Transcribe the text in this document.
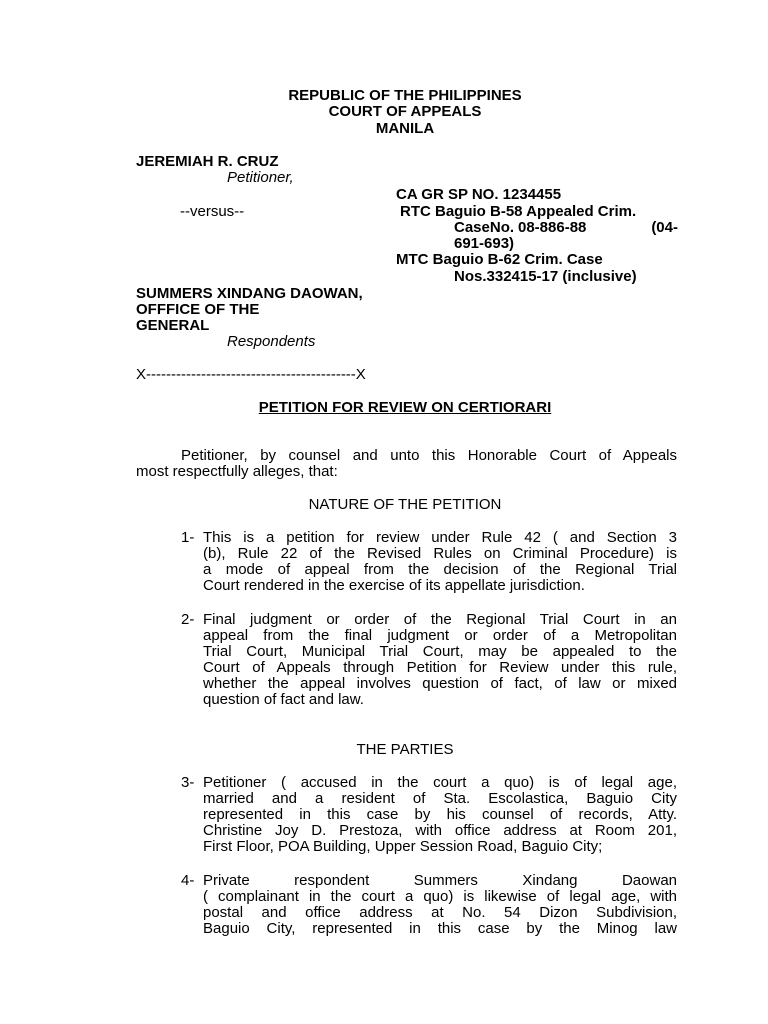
REPUBLIC OF THE PHILIPPINES
COURT OF APPEALS
MANILA
JEREMIAH R. CRUZ
Petitioner,
CA GR SP NO. 1234455
--versus--	RTC Baguio B-58 Appealed Crim.
CaseNo. 08-886-88	(04-
691-693)
MTC Baguio B-62 Crim. Case
Nos.332415-17 (inclusive)
SUMMERS XINDANG DAOWAN,
OFFFICE OF THE
GENERAL
Respondents
X------------------------------------------X
PETITION FOR REVIEW ON CERTIORARI
Petitioner, by counsel and unto this Honorable Court of Appeals
most respectfully alleges, that:
NATURE OF THE PETITION
1- This is a petition for review under Rule 42 ( and Section 3
(b), Rule 22 of the Revised Rules on Criminal Procedure) is
a mode of appeal from the decision of the Regional Trial
Court rendered in the exercise of its appellate jurisdiction.
2- Final judgment or order of the Regional Trial Court in an
appeal from the final judgment or order of a Metropolitan
Trial Court, Municipal Trial Court, may be appealed to the
Court of Appeals through Petition for Review under this rule,
whether the appeal involves question of fact, of law or mixed
question of fact and law.
THE PARTIES
3- Petitioner ( accused in the court a quo) is of legal age,
married and a resident of Sta. Escolastica, Baguio City
represented in this case by his counsel of records, Atty.
Christine Joy D. Prestoza, with office address at Room 201,
First Floor, POA Building, Upper Session Road, Baguio City;
4- Private respondent Summers Xindang Daowan
( complainant in the court a quo) is likewise of legal age, with
postal and office address at No. 54 Dizon Subdivision,
Baguio City, represented in this case by the Minog law
